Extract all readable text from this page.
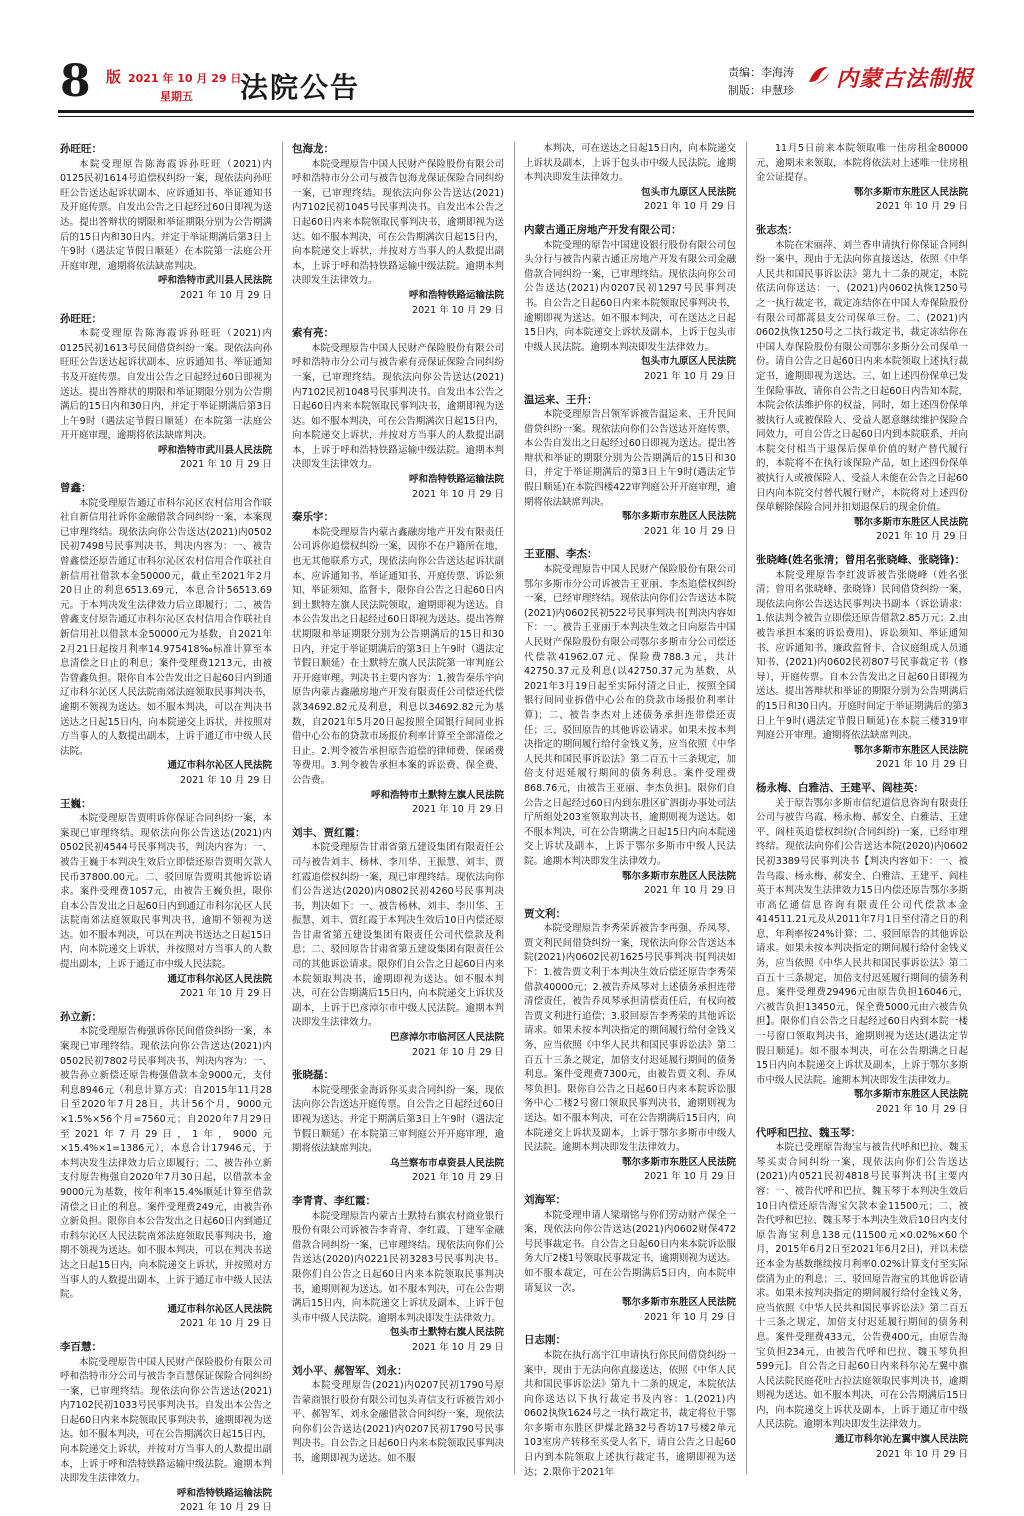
8 版 2021 年 10 月 29 日
星期五 法院公告	责编：李海涛
制版：申慧珍 内蒙古法制报

孙旺旺：

本院受理原告陈海霞诉孙旺旺（2021)内0125民初1614号追偿权纠纷一案，现依法向孙旺旺公告送达起诉状副本、应诉通知书、举证通知书及开庭传票。自发出公告之日起经过60日即视为送达。提出答辩状的期限和举证期限分别为公告期满后的15日内和30日内。并定于举证期满后第3日上午9时（遇法定节假日顺延）在本院第一法庭公开开庭审理，逾期将依法缺席判决。

呼和浩特市武川县人民法院

2021 年 10 月 29 日

孙旺旺：

本院受理原告陈海霞诉孙旺旺（2021)内0125民初1613号民间借贷纠纷一案。现依法向孙旺旺公告送达起诉状副本、应诉通知书、举证通知书及开庭传票。自发出公告之日起经过60日即视为送达。提出答辩状的期限和举证期限分别为公告期满后的15日内和30日内，并定于举证期满后第3日上午9时（遇法定节假日顺延）在本院第一法庭公开开庭审理，逾期将依法缺席判决。

呼和浩特市武川县人民法院

2021 年 10 月 29 日

曾鑫：

本院受理原告通辽市科尔沁区农村信用合作联社自新信用社诉你金融借款合同纠纷一案，本案现已审理终结。现依法向你公告送达(2021)内0502民初7498号民事判决书，判决内容为：一、被告曾鑫偿还原告通辽市科尔沁区农村信用合作联社自新信用社借款本金50000元，截止至2021年2月20日止的利息6513.69元，本息合计56513.69元。于本判决发生法律效力后立即履行；二、被告曾鑫支付原告通辽市科尔沁区农村信用合作联社自新信用社以借款本金50000元为基数，自2021年2月21日起按月利率14.975418‰标准计算至本息清偿之日止的利息；案件受理费1213元，由被告曾鑫负担。限你自本公告发出之日起60日内到通辽市科尔沁区人民法院南郊法庭领取民事判决书，逾期不领视为送达。如不服本判决，可以在判决书送达之日起15日内，向本院递交上诉状，并按照对方当事人的人数提出副本，上诉于通辽市中级人民法院。

通辽市科尔沁区人民法院

2021 年 10 月 29 日

王巍：

本院受理原告贾明诉你保证合同纠纷一案，本案现已审理终结。现依法向你公告送达(2021)内0502民初4544号民事判决书，判决内容为：一、被告王巍于本判决生效后立即偿还原告贾明欠款人民币37800.00元。二、驳回原告贾明其他诉讼请求。案件受理费1057元，由被告王巍负担，限你自本公告发出之日起60日内到通辽市科尔沁区人民法院南郊法庭领取民事判决书，逾期不领视为送达。如不服本判决，可以在判决书送达之日起15日内，向本院递交上诉状，并按照对方当事人的人数提出副本，上诉于通辽市中级人民法院。

通辽市科尔沁区人民法院

2021 年 10 月 29 日

孙立新：

本院受理原告梅强诉你民间借贷纠纷一案，本案现已审理终结。现依法向你公告送达(2021)内0502民初7802号民事判决书，判决内容为：一、被告孙立新偿还原告梅强借款本金9000元，支付利息8946元（利息计算方式：自2015年11月28日至2020年7月28日，共计56个月，9000元×1.5%×56个月=7560元；自2020年7月29日至2021年7月29日，1年，9000元×15.4%×1=1386元），本息合计17946元，于本判决发生法律效力后立即履行；二、被告孙立新支付原告梅强自2020年7月30日起，以借款本金9000元为基数，按年利率15.4%顺延计算至借款清偿之日止的利息。案件受理费249元，由被告孙立新负担。限你自本公告发出之日起60日内到通辽市科尔沁区人民法院南郊法庭领取民事判决书，逾期不领视为送达。如不服本判决，可以在判决书送达之日起15日内，向本院递交上诉状，并按照对方当事人的人数提出副本，上诉于通辽市中级人民法院。

通辽市科尔沁区人民法院

2021 年 10 月 29 日

李百慧：

本院受理原告中国人民财产保险股份有限公司呼和浩特市分公司与被告李百慧保证保险合同纠纷一案，已审理终结。现依法向你公告送达(2021)内7102民初1033号民事判决书。自发出本公告之日起60日内来本院领取民事判决书，逾期即视为送达。如不服本判决，可在公告期满次日起15日内，向本院递交上诉状，并按对方当事人的人数提出副本，上诉于呼和浩特铁路运输中级法院。逾期本判决即发生法律效力。

呼和浩特铁路运输法院

2021 年 10 月 29 日

包海龙：

本院受理原告中国人民财产保险股份有限公司呼和浩特市分公司与被告包海龙保证保险合同纠纷一案，已审理终结。现依法向你公告送达(2021)内7102民初1045号民事判决书。自发出本公告之日起60日内来本院领取民事判决书，逾期即视为送达。如不服本判决，可在公告期满次日起15日内，向本院递交上诉状，并按对方当事人的人数提出副本，上诉于呼和浩特铁路运输中级法院。逾期本判决即发生法律效力。

呼和浩特铁路运输法院

2021 年 10 月 29 日

索有亮：

本院受理原告中国人民财产保险股份有限公司呼和浩特市分公司与被告索有亮保证保险合同纠纷一案，已审理终结。现依法向你公告送达(2021)内7102民初1048号民事判决书。自发出本公告之日起60日内来本院领取民事判决书，逾期即视为送达。如不服本判决，可在公告期满次日起15日内，向本院递交上诉状，并按对方当事人的人数提出副本，上诉于呼和浩特铁路运输中级法院。逾期本判决即发生法律效力。

呼和浩特铁路运输法院

2021 年 10 月 29 日

秦乐宇：

本院受理原告内蒙古鑫融房地产开发有限责任公司诉你追偿权纠纷一案，因你不在户籍所在地，也无其他联系方式，现依法向你公告送达起诉状副本、应诉通知书、举证通知书、开庭传票、诉讼须知、举证须知、监督卡，限你自公告之日起60日内到土默特左旗人民法院领取，逾期即视为送达。自本公告发出之日起经过60日即视为送达。提出答辩状期限和举证期限分别为公告期满后的15日和30日内，并定于举证期满后的第3日上午9时（遇法定节假日顺延）在土默特左旗人民法院第一审判庭公开开庭审理。判决书主要内容为：1.被告秦乐宇向原告内蒙古鑫融房地产开发有限责任公司偿还代偿款34692.82元及利息，利息以34692.82元为基数，自2021年5月20日起按照全国银行间同业拆借中心公布的贷款市场报价利率计算至全部清偿之日止。2.判令被告承担原告追偿的律师费、保函费等费用。3.判令被告承担本案的诉讼费、保全费、公告费。

呼和浩特市土默特左旗人民法院

2021 年 10 月 29 日

刘丰、贾红霞：

本院受理原告甘肃省第五建设集团有限责任公司与被告刘丰、杨林、李川华、王振慧、刘丰、贾红霞追偿权纠纷一案，现已审理终结。现依法向你们公告送达(2020)内0802民初4260号民事判决书，判决如下：一、被告杨林、刘丰、李川华、王振慧、刘丰、贾红霞于本判决生效后10日内偿还原告甘肃省第五建设集团有限责任公司代偿款及利息；二、驳回原告甘肃省第五建设集团有限责任公司的其他诉讼请求。限你们自公告之日起60日内来本院领取判决书，逾期即视为送达。如不服本判决，可在公告期满后15日内，向本院递交上诉状及副本，上诉于巴彦淖尔市中级人民法院。逾期本判决即发生法律效力。

巴彦淖尔市临河区人民法院

2021 年 10 月 29 日

张晓磊：

本院受理张金海诉你买卖合同纠纷一案，现依法向你公告送达开庭传票。自公告之日起经过60日即视为送达。并定于期满后第3日上午9时（遇法定节假日顺延）在本院第三审判庭公开开庭审理，逾期将依法缺席判决。

乌兰察布市卓资县人民法院

2021 年 10 月 29 日

李青青、李红霞：

本院受理原告内蒙古土默特右旗农村商业银行股份有限公司诉被告李青青、李红霞、丁建军金融借款合同纠纷一案，已审理终结。现依法向你们公告送达(2020)内0221民初3283号民事判决书。限你们自公告之日起60日内来本院领取民事判决书，逾期则视为送达。如不服本判决，可在公告期满后15日内，向本院递交上诉状及副本，上诉于包头市中级人民法院。逾期本判决即发生法律效力。

包头市土默特右旗人民法院

2021 年 10 月 29 日

刘小平、郝智军、刘永：

本院受理原告(2021)内0207民初1790号原告蒙商银行股份有限公司包头青信支行诉被告刘小平、郝智军、刘永金融借款合同纠纷一案，现依法向你们公告送达(2021)内0207民初1790号民事判决书。自公告之日起60日内来本院领取民事判决书，逾期即视为送达。如不服

本判决，可在送达之日起15日内，向本院递交上诉状及副本，上诉于包头市中级人民法院。逾期本判决即发生法律效力。

包头市九原区人民法院

2021 年 10 月 29 日

内蒙古通正房地产开发有限公司：

本院受理的原告中国建设银行股份有限公司包头分行与被告内蒙古通正房地产开发有限公司金融借款合同纠纷一案，已审理终结。现依法向你公司公告送达(2021)内0207民初1297号民事判决书。自公告之日起60日内来本院领取民事判决书，逾期即视为送达。如不服本判决，可在送达之日起15日内，向本院递交上诉状及副本，上诉于包头市中级人民法院。逾期本判决即发生法律效力。

包头市九原区人民法院

2021 年 10 月 29 日

温运来、王升：

本院受理原告吕领军诉被告温运来、王升民间借贷纠纷一案。现依法向你们公告送达开庭传票，本公告自发出之日起经过60日即视为送达。提出答辩状和举证的期限分别为公告期满后的15日和30日，并定于举证期满后的第3日上午9时(遇法定节假日顺延)在本院四楼422审判庭公开开庭审理，逾期将依法缺席判决。

鄂尔多斯市东胜区人民法院

2021 年 10 月 29 日

王亚丽、李杰：

本院受理原告中国人民财产保险股份有限公司鄂尔多斯市分公司诉被告王亚丽、李杰追偿权纠纷一案，已经审理终结。现依法向你们公告送达本院(2021)内0602民初522号民事判决书[判决内容如下：一、被告王亚丽于本判决生效之日向原告中国人民财产保险股份有限公司鄂尔多斯市分公司偿还代偿款41962.07元、保险费788.3元，共计42750.37元及利息(以42750.37元为基数，从2021年3月19日起至实际付清之日止，按照全国银行间同业拆借中心公布的贷款市场报价利率计算)；二、被告李杰对上述债务承担连带偿还责任；三、驳回原告的其他诉讼请求。如果未按本判决指定的期间履行给付金钱义务，应当依照《中华人民共和国民事诉讼法》第二百五十三条规定，加倍支付迟延履行期间的债务利息。案件受理费868.76元，由被告王亚丽、李杰负担]。限你们自公告之日起经过60日内到东胜区矿泗街办事处司法厅所组处203室领取判决书，逾期则视为送达。如不服本判决，可在公告期满之日起15日内向本院递交上诉状及副本，上诉于鄂尔多斯市中级人民法院。逾期本判决即发生法律效力。

鄂尔多斯市东胜区人民法院

2021 年 10 月 29 日

贾文利：

本院受理原告李秀荣诉被告李再强、乔凤琴、贾文利民间借贷纠纷一案，现依法向你公告送达本院(2021)内0602民初1625号民事判决书[判决如下：1.被告贾文利于本判决生效后偿还原告李秀荣借款40000元；2.被告乔凤琴对上述债务承担连带清偿责任，被告乔凤琴承担清偿责任后，有权向被告贾文利进行追偿；3.驳回原告李秀荣的其他诉讼请求。如果未按本判决指定的期间履行给付金钱义务，应当依照《中华人民共和国民事诉讼法》第二百五十三条之规定，加倍支付迟延履行期间的债务利息。案件受理费7300元，由被告贾文利、乔凤琴负担]。限你自公告之日起60日内来本院诉讼服务中心二楼2号窗口领取民事判决书，逾期则视为送达。如不服本判决，可在公告期满后15日内，向本院递交上诉状及副本，上诉于鄂尔多斯市中级人民法院。逾期本判决即发生法律效力。

鄂尔多斯市东胜区人民法院

2021 年 10 月 29 日

刘海军：

本院受理申请人梁瑞铭与你们劳动财产保全一案，现依法向你公告送达(2021)内0602财保472号民事裁定书。自公告之日起60日内来本院诉讼服务大厅2楼1号领取民事裁定书，逾期则视为送达。如不服本裁定，可在公告期满后5日内，向本院申请复议一次。

鄂尔多斯市东胜区人民法院

2021 年 10 月 29 日

日志刚：

本院在执行高宇江申请执行你民间借贷纠纷一案中，现由于无法向你直接送达，依照《中华人民共和国民事诉讼法》第九十二条的规定，本院依法向你送达以下执行裁定书及内容：1.(2021)内0602执恢1624号之一执行裁定书，裁定将位于鄂尔多斯市东胜区伊煤北路32号香坊17号楼2单元103室房产转移至买受人名下，请自公告之日起60日内到本院领取上述执行裁定书，逾期即视为送达；2.限你于2021年

11月5日前来本院领取唯一住房租金80000元，逾期未来领取，本院将依法对上述唯一住房租金公证提存。

鄂尔多斯市东胜区人民法院

2021 年 10 月 29 日

张志杰：

本院在宋丽萍、刘兰香申请执行你保证合同纠纷一案中，现由于无法向你直接送达，依照《中华人民共和国民事诉讼法》第九十二条的规定，本院依法向你送达：一、(2021)内0602执恢1250号之一执行裁定书，裁定冻结你在中国人寿保险股份有限公司都蒿县支公司保单三份。二、(2021)内0602执恢1250号之二执行裁定书，裁定冻结你在中国人寿保险股份有限公司鄂尔多斯分公司保单一份。请自公告之日起60日内来本院领取上述执行裁定书，逾期即视为送达。三、如上述四份保单已发生保险事故，请你自公告之日起60日内告知本院，本院会依法维护你的权益，同时，如上述四份保单被执行人或被保险人、受益人愿意继续维护保险合同效力，可自公告之日起60日内到本院联系，并向本院交付相当于退保后保单价值的财产替代履行的，本院将不在执行该保险产品，如上述四份保单被执行人或被保险人、受益人未能在公告之日起60日内向本院交付替代履行财产，本院将对上述四份保单解除保险合同并扣划退保后的现金价值。

鄂尔多斯市东胜区人民法院

2021 年 10 月 29 日

张晓峰(姓名张清；曾用名张晓峰、张晓锋)：

本院受理原告李红波诉被告张晓峰（姓名张清；曾用名张晓峰、张晓锋）民间借贷纠纷一案，现依法向你公告送达民事判决书副本（诉讼请求：1.依法判令被告立即偿还原告借款2.85万元；2.由被告承担本案的诉讼费用)、诉讼须知、举证通知书、应诉通知书、廉政监督卡、合议庭组成人员通知书、(2021)内0602民初807号民事裁定书（修导），开庭传票。自本公告发出之日起60日即视为送达。提出答辩状和举证的期限分别为公告期满后的15日和30日内。开庭时间定于举证期满后的第3日上午9时(遇法定节假日顺延)在本院三楼319审判庭公开审理。逾期将依法缺席判决。

鄂尔多斯市东胜区人民法院

2021 年 10 月 29 日

杨永梅、白雅洁、王建平、阎桂英：

关于原告鄂尔多斯市信纪道信息咨询有限责任公司与被告乌霞、杨永梅、郝安全、白雅洁、王建平、阎桂英追偿权纠纷(合同纠纷)一案，已经审理终结。现依法向你们公告送达本院(2020)内0602民初3389号民事判决书【判决内容如下：一、被告乌霞、杨永梅、郝安全、白雅洁、王建平、阎桂英于本判决发生法律效力15日内偿还原告鄂尔多斯市高亿通信息咨询有限责任公司代偿款本金414511.21元及从2011年7月1日至付清之日的利息，年利率按24%计算；二、驳回原告的其他诉讼请求。如果未按本判决指定的期间履行给付金钱义务，应当依照《中华人民共和国民事诉讼法》第二百五十三条规定，加倍支付迟延履行期间的债务利息。案件受理费29496元由原告负担16046元，六被告负担13450元，保全费5000元由六被告负担】。限你们自公告之日起经过60日内到本院一楼一号窗口领取判决书，逾期则视为送达(遇法定节假日顺延)。如不服本判决，可在公告期满之日起15日内向本院递交上诉状及副本，上诉于鄂尔多斯市中级人民法院。逾期本判决即发生法律效力。

鄂尔多斯市东胜区人民法院

2021 年 10 月 29 日

代呼和巴拉、魏玉琴：

本院已受理原告海宝与被告代呼和巴拉、魏玉琴买卖合同纠纷一案，现依法向你们公告送达(2021)内0521民初4818号民事判决书[主要内容：一、被告代呼和巴拉、魏玉琴于本判决生效后10日内偿还原告海宝欠款本金11500元；二、被告代呼和巴拉、魏玉琴于本判决生效后10日内支付原告海宝利息138元(11500元×0.02%×60个月，2015年6月2日至2021年6月2日)，并以未偿还本金为基数继续按月利率0.02%计算支付至实际偿清为止的利息；三、驳回原告海宝的其他诉讼请求。如果未按判决指定的期间履行给付金钱义务，应当依照《中华人民共和国民事诉讼法》第二百五十三条之规定，加倍支付迟延履行期间的债务利息。案件受理费433元，公告费400元，由原告海宝负担234元，由被告代呼和巴拉、魏玉琴负担599元]。自公告之日起60日内来科尔沁左翼中旗人民法院民庭花吐古拉法庭领取民事判决书，逾期则视为送达。如不服本判决，可在公告期满后15日内，向本院递交上诉状及副本，上诉于通辽市中级人民法院。逾期本判决即发生法律效力。

通辽市科尔沁左翼中旗人民法院

2021 年 10 月 29 日
